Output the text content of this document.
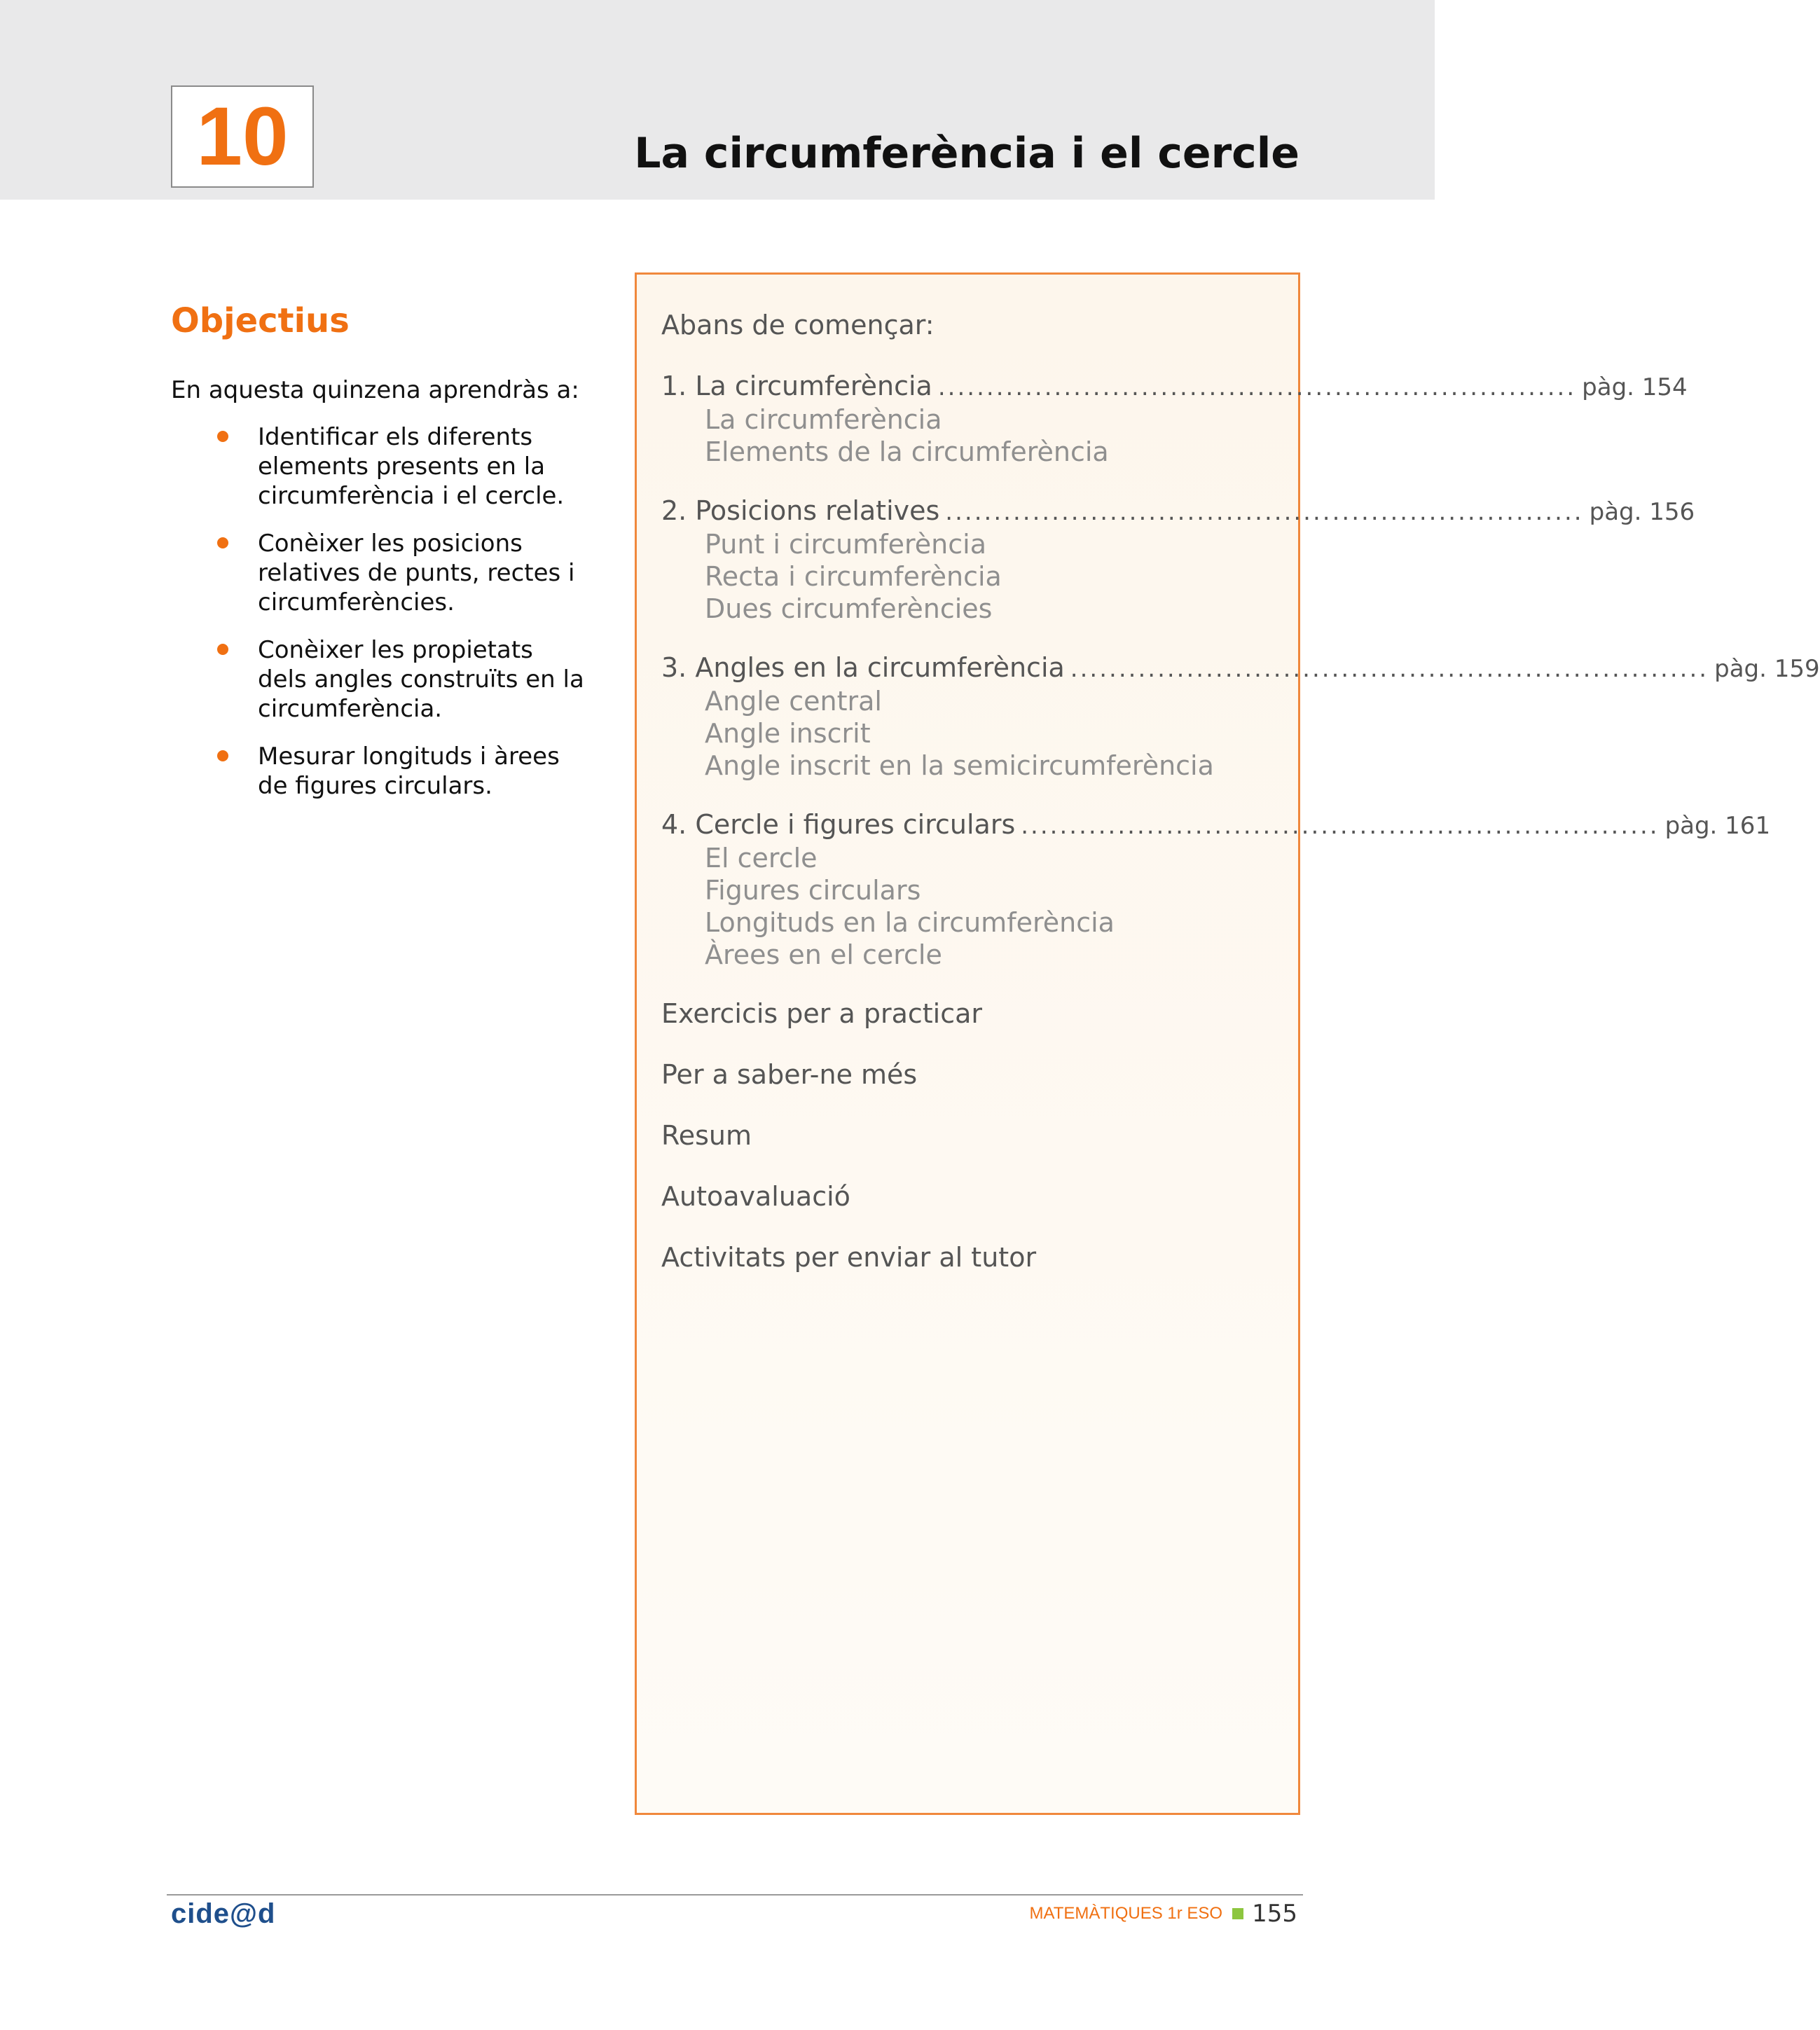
10	La circumferència i el cercle
Objectius

En aquesta quinzena aprendràs a:

Identificar els diferents elements presents en la circumferència i el cercle.
Conèixer les posicions relatives de punts, rectes i circumferències.
Conèixer les propietats dels angles construïts en la circumferència.
Mesurar longituds i àrees de figures circulars.
Abans de començar:
1. La circumferència .................................................................. pàg. 154
La circumferència
Elements de la circumferència
2. Posicions relatives .................................................................. pàg. 156
Punt i circumferència
Recta i circumferència
Dues circumferències
3. Angles en la circumferència .................................................................. pàg. 159
Angle central
Angle inscrit
Angle inscrit en la semicircumferència
4. Cercle i figures circulars .................................................................. pàg. 161
El cercle
Figures circulars
Longituds en la circumferència
Àrees en el cercle
Exercicis per a practicar
Per a saber-ne més
Resum
Autoavaluació
Activitats per enviar al tutor
cide@d	MATEMÀTIQUES 1r ESO 155
